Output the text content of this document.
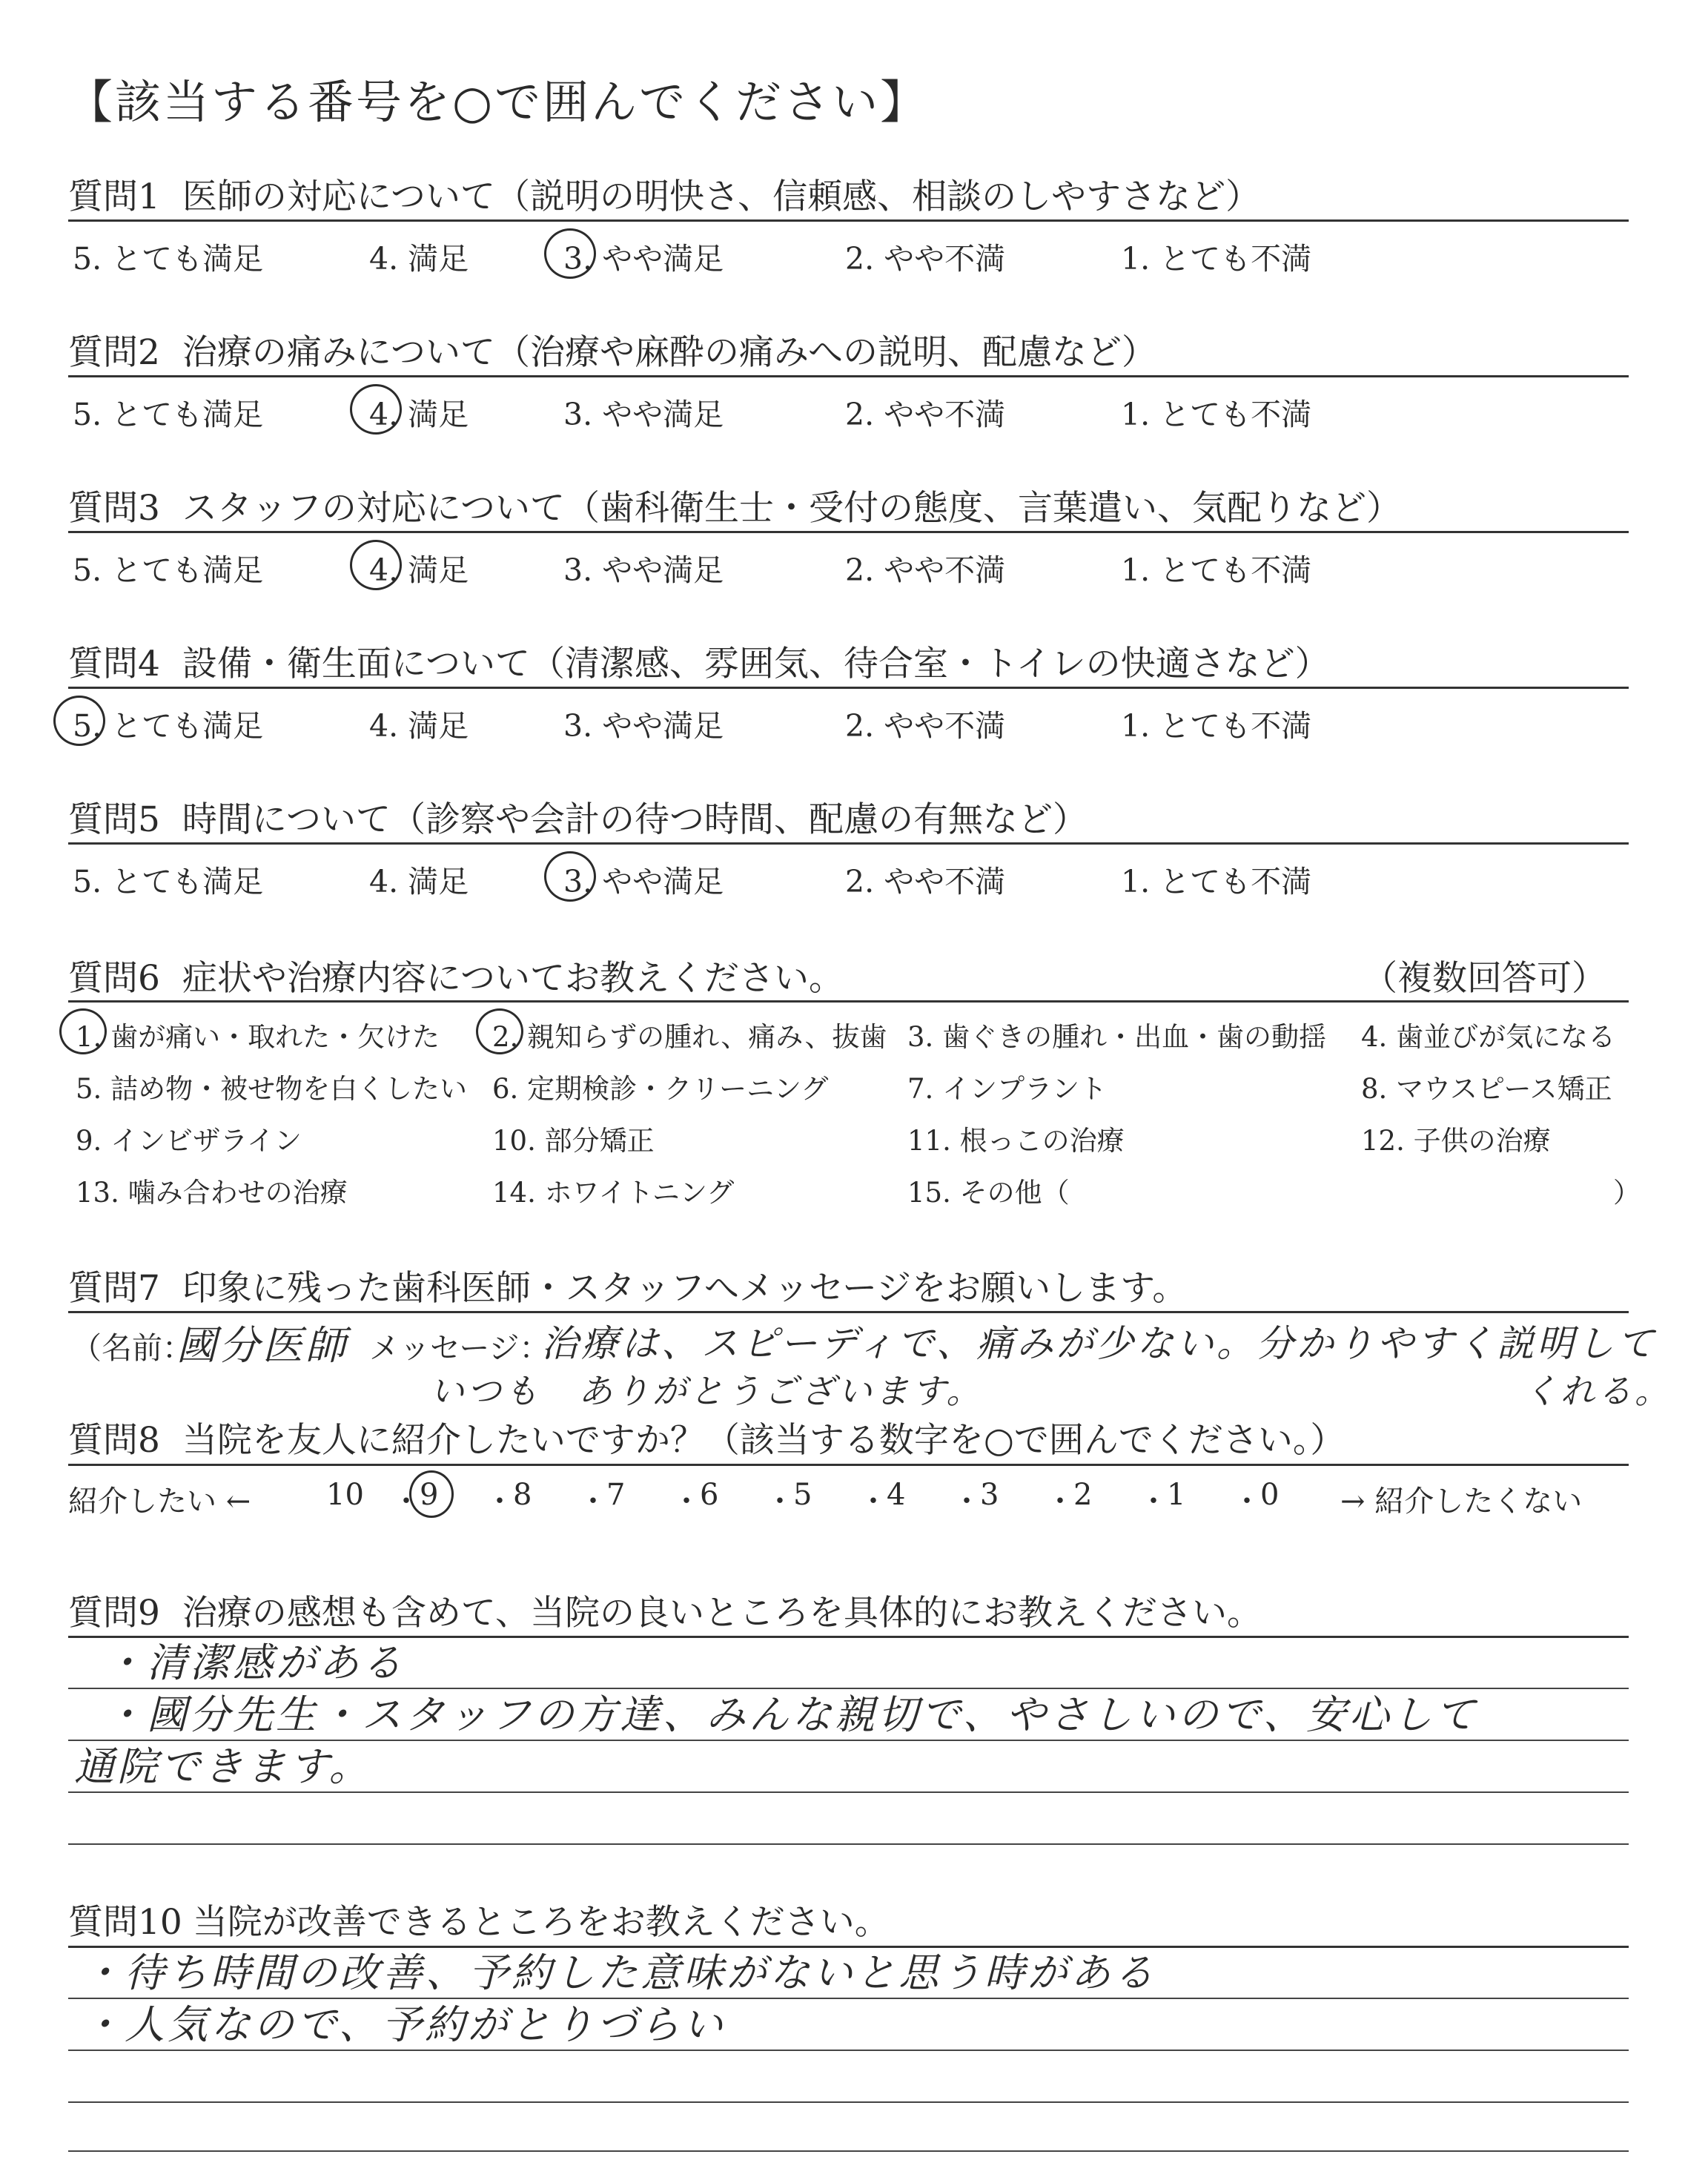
【該当する番号を○で囲んでください】
質問1 医師の対応について（説明の明快さ、信頼感、相談のしやすさなど）
5. とても満足	4. 満足	3. やや満足	2. やや不満	1. とても不満
質問2 治療の痛みについて（治療や麻酔の痛みへの説明、配慮など）
5. とても満足	4. 満足	3. やや満足	2. やや不満	1. とても不満
質問3 スタッフの対応について（歯科衛生士・受付の態度、言葉遣い、気配りなど）
5. とても満足	4. 満足	3. やや満足	2. やや不満	1. とても不満
質問4 設備・衛生面について（清潔感、雰囲気、待合室・トイレの快適さなど）
5. とても満足	4. 満足	3. やや満足	2. やや不満	1. とても不満
質問5 時間について（診察や会計の待つ時間、配慮の有無など）
5. とても満足	4. 満足	3. やや満足	2. やや不満	1. とても不満
質問6 症状や治療内容についてお教えください。	（複数回答可）
1. 歯が痛い・取れた・欠けた 2. 親知らずの腫れ、痛み、抜歯 3. 歯ぐきの腫れ・出血・歯の動揺 4. 歯並びが気になる
5. 詰め物・被せ物を白くしたい 6. 定期検診・クリーニング	7. インプラント	8. マウスピース矯正
9. インビザライン	10. 部分矯正	11. 根っこの治療	12. 子供の治療
13. 噛み合わせの治療	14. ホワイトニング	15. その他（	）
質問7 印象に残った歯科医師・スタッフへメッセージをお願いします。
（名前：
國分医師 メッセージ：
治療は、スピーディで、痛みが少ない。分かりやすく説明して
いつも　ありがとうございます。	くれる。
質問8 当院を友人に紹介したいですか？（該当する数字を○で囲んでください。）
紹介したい ←	→ 紹介したくない
10 ・
9 ・
8 ・
7 ・
6 ・
5 ・
4 ・
3 ・
2 ・
1 ・
0
質問9 治療の感想も含めて、当院の良いところを具体的にお教えください。
・清潔感がある
・國分先生・スタッフの方達、みんな親切で、やさしいので、安心して
通院できます。
質問10 当院が改善できるところをお教えください。
・待ち時間の改善、予約した意味がないと思う時がある
・人気なので、予約がとりづらい
